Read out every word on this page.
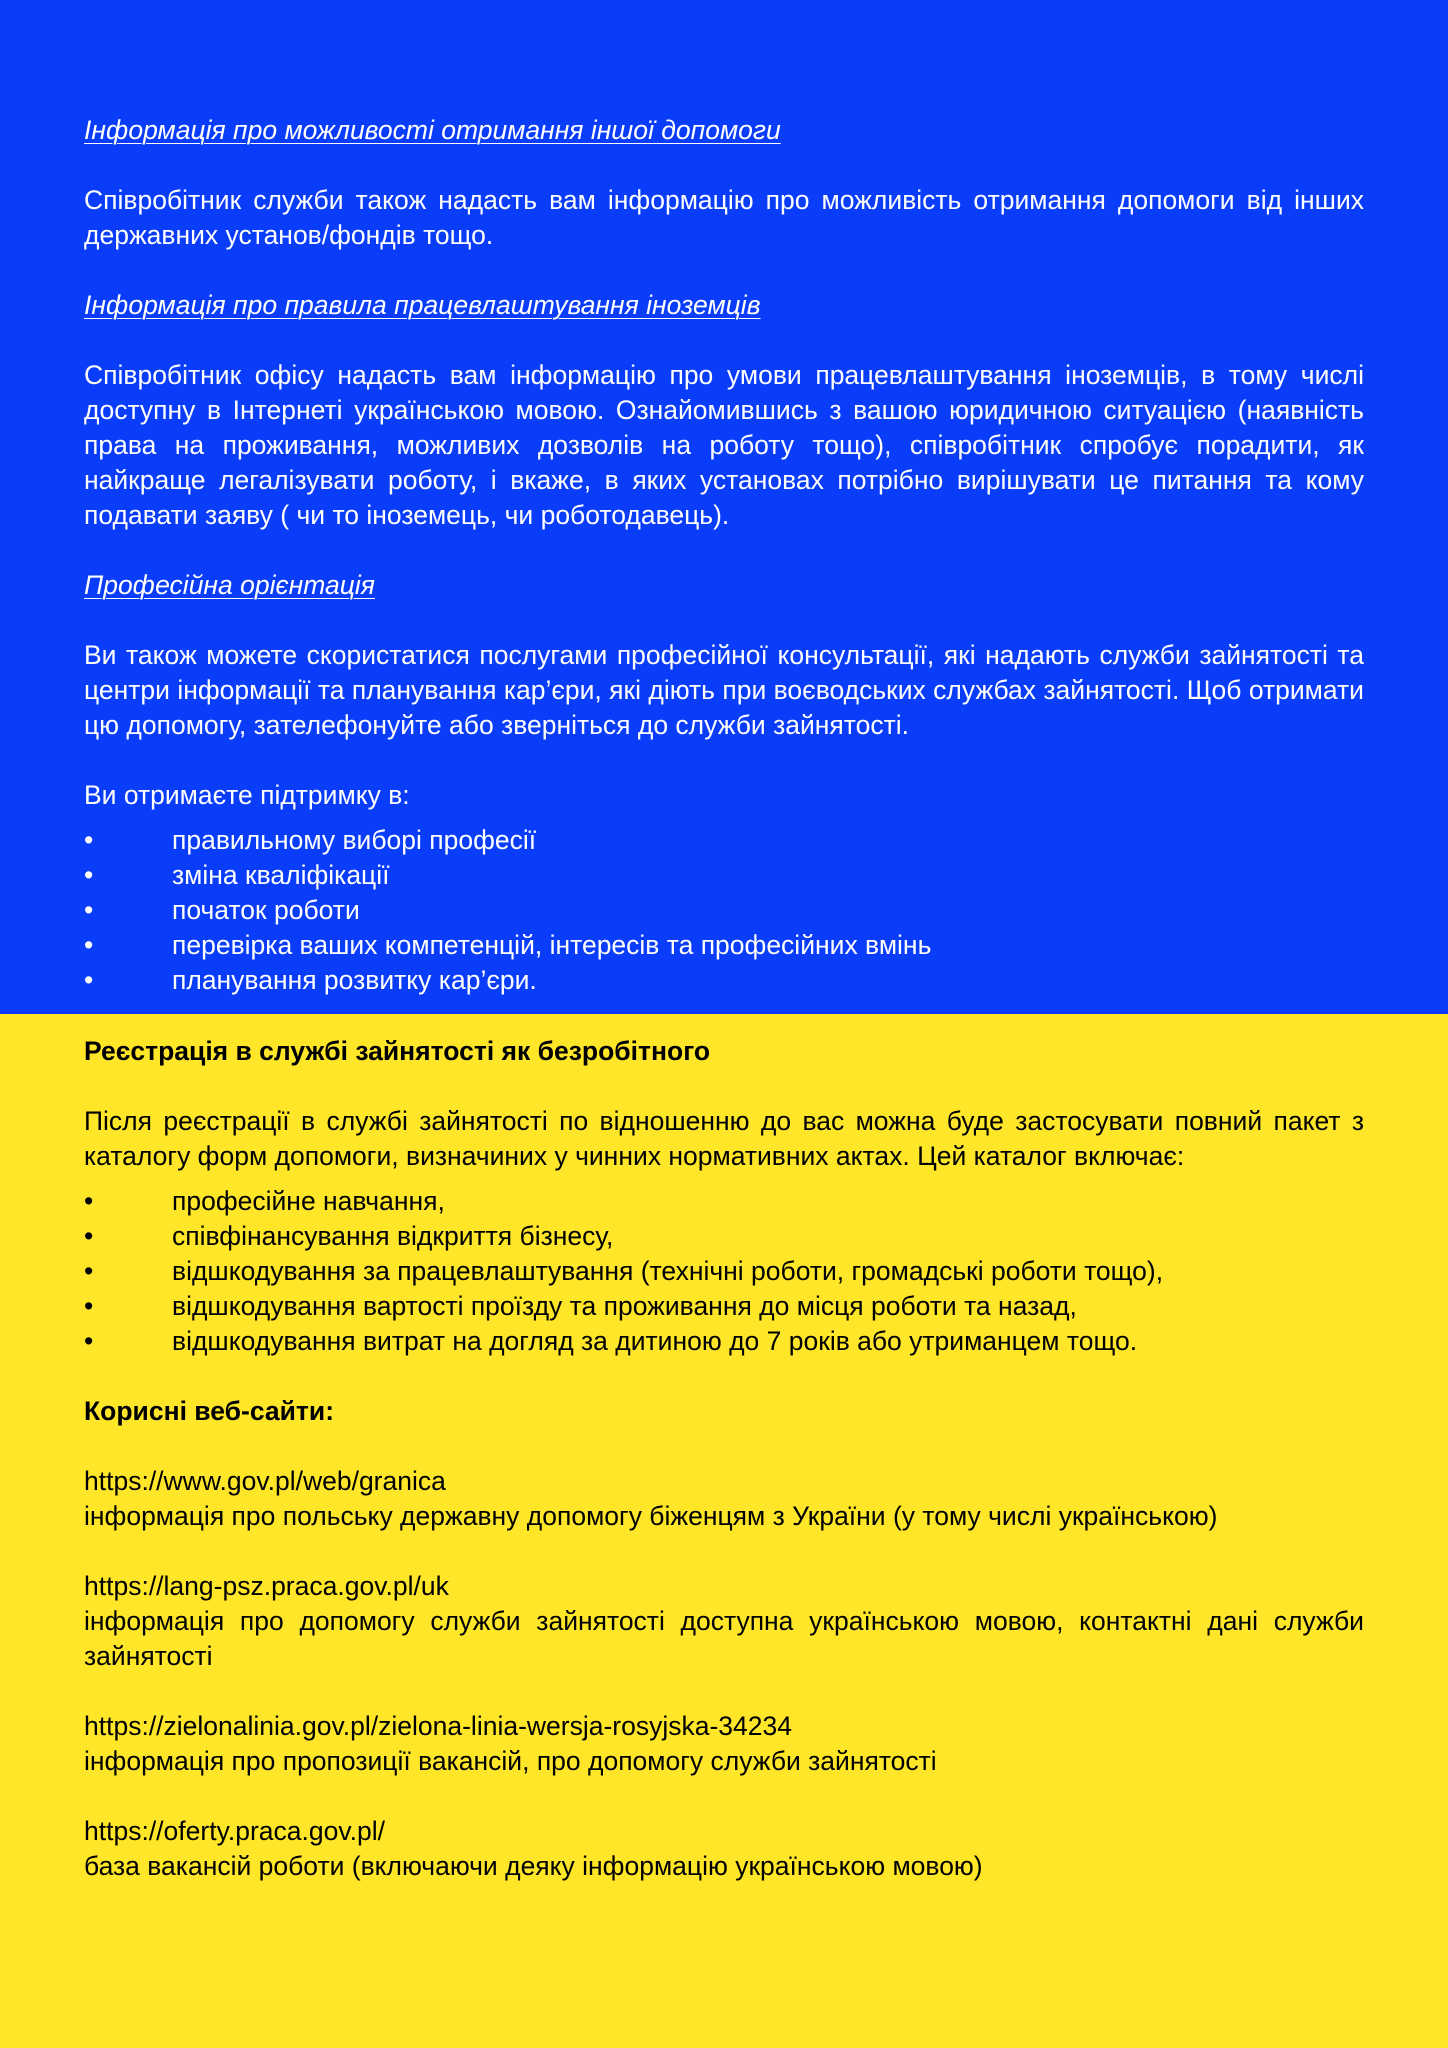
Інформація про можливості отримання іншої допомоги

Співробітник служби також надасть вам інформацію про можливість отримання допомоги від інших державних установ/фондів тощо.

Інформація про правила працевлаштування іноземців

Співробітник офісу надасть вам інформацію про умови працевлаштування іноземців, в тому числі доступну в Інтернеті українською мовою. Ознайомившись з вашою юридичною ситуацією (наявність права на проживання, можливих дозволів на роботу тощо), співробітник спробує порадити, як найкраще легалізувати роботу, і вкаже, в яких установах потрібно вирішувати це питання та кому подавати заяву ( чи то іноземець, чи роботодавець).

Професійна орієнтація

Ви також можете скористатися послугами професійної консультації, які надають служби зайнятості та центри інформації та планування кар’єри, які діють при воєводських службах зайнятості. Щоб отримати цю допомогу, зателефонуйте або зверніться до служби зайнятості.

Ви отримаєте підтримку в:

•	правильному виборі професії
•	зміна кваліфікації
•	початок роботи
•	перевірка ваших компетенцій, інтересів та професійних вмінь
•	планування розвитку кар’єри.

Реєстрація в службі зайнятості як безробітного

Після реєстрації в службі зайнятості по відношенню до вас можна буде застосувати повний пакет з каталогу форм допомоги, визначиних у чинних нормативних актах. Цей каталог включає:

•	професійне навчання,
•	співфінансування відкриття бізнесу,
•	відшкодування за працевлаштування (технічні роботи, громадські роботи тощо),
•	відшкодування вартості проїзду та проживання до місця роботи та назад,
•	відшкодування витрат на догляд за дитиною до 7 років або утриманцем тощо.

Корисні веб-сайти:

https://www.gov.pl/web/granica

інформація про польську державну допомогу біженцям з України (у тому числі українською)

https://lang-psz.praca.gov.pl/uk

інформація про допомогу служби зайнятості доступна українською мовою, контактні дані служби зайнятості

https://zielonalinia.gov.pl/zielona-linia-wersja-rosyjska-34234

інформація про пропозиції вакансій, про допомогу служби зайнятості

https://oferty.praca.gov.pl/

база вакансій роботи (включаючи деяку інформацію українською мовою)
